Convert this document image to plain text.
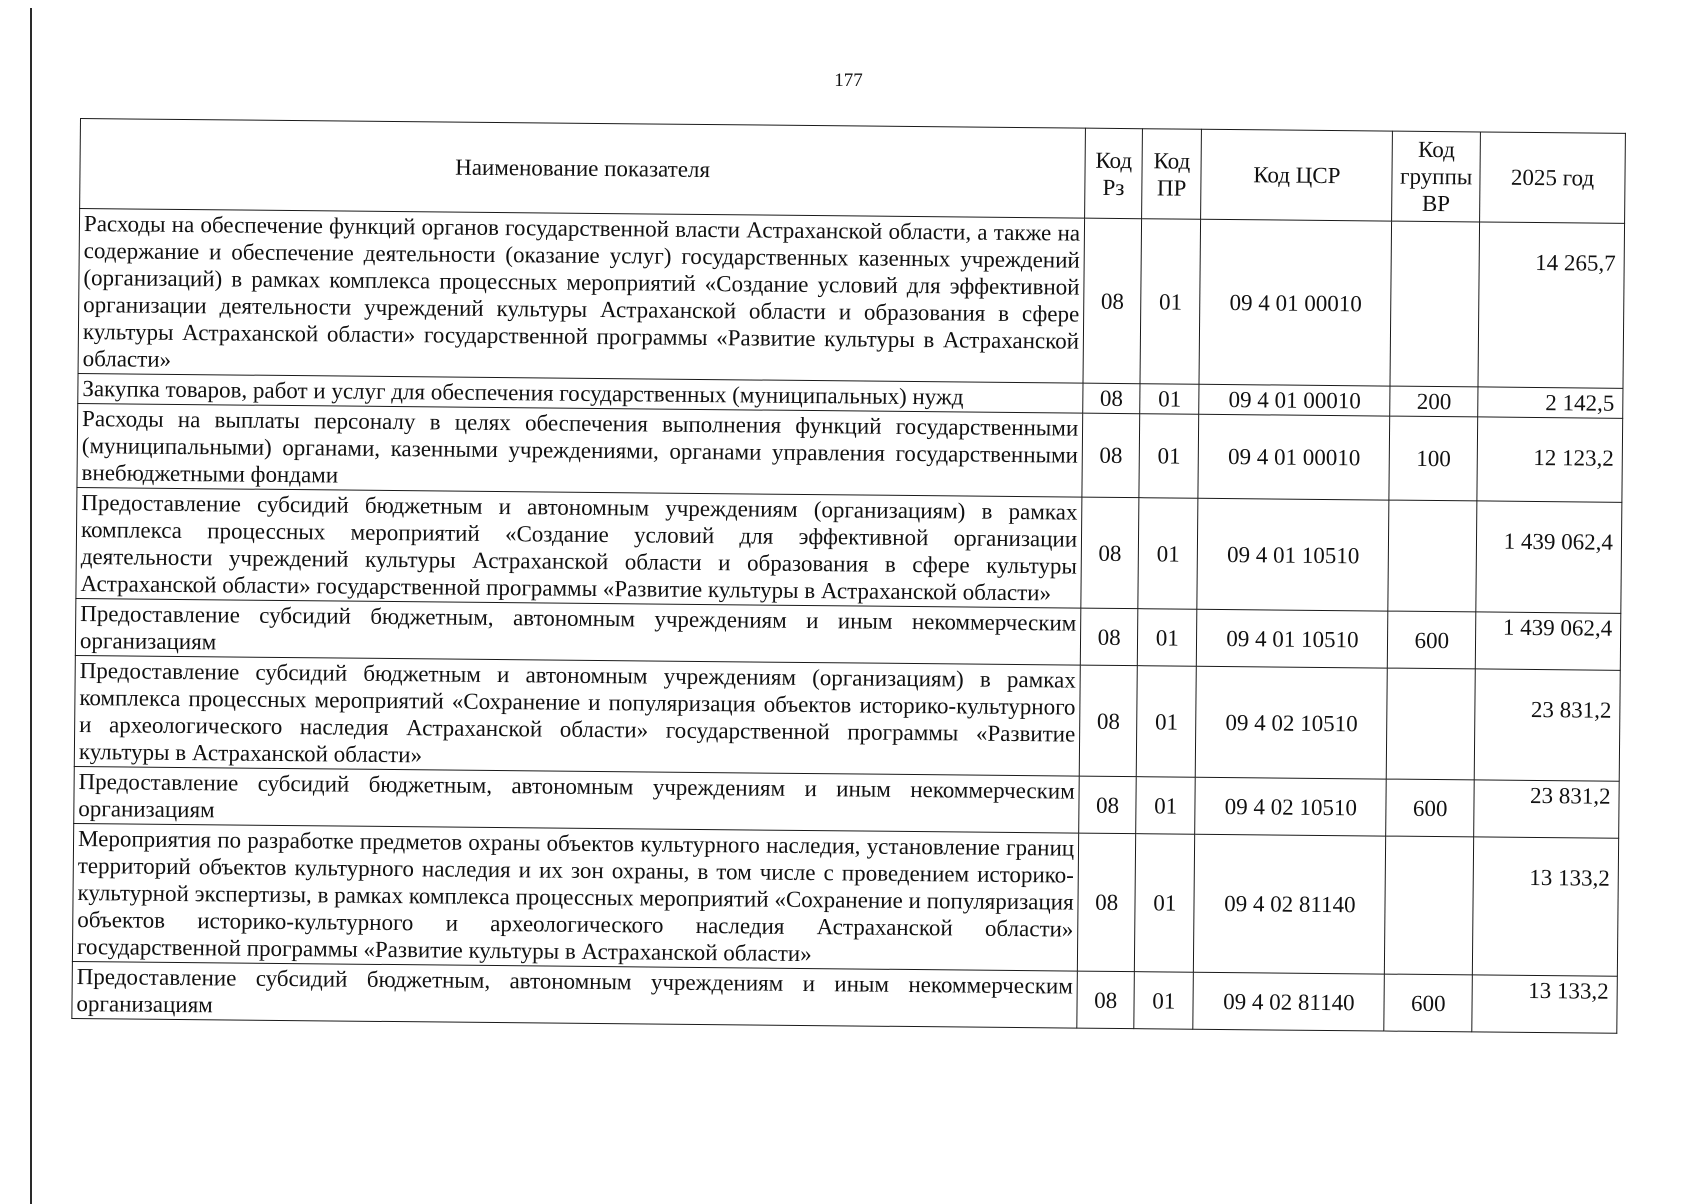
177
Наименование показателя	Код Рз	Код ПР	Код ЦСР	Код группы ВР	2025 год
Расходы на обеспечение функций органов государственной власти Астраханской области, а также на содержание и обеспечение деятельности (оказание услуг) государственных казенных учреждений (организаций) в рамках комплекса процессных мероприятий «Создание условий для эффективной организации деятельности учреждений культуры Астраханской области и образования в сфере культуры Астраханской области» государственной программы «Развитие культуры в Астраханской области»	08	01	09 4 01 00010		14 265,7
Закупка товаров, работ и услуг для обеспечения государственных (муниципальных) нужд	08	01	09 4 01 00010	200	2 142,5
Расходы на выплаты персоналу в целях обеспечения выполнения функций государственными (муниципальными) органами, казенными учреждениями, органами управления государственными внебюджетными фондами	08	01	09 4 01 00010	100	12 123,2
Предоставление субсидий бюджетным и автономным учреждениям (организациям) в рамках комплекса процессных мероприятий «Создание условий для эффективной организации деятельности учреждений культуры Астраханской области и образования в сфере культуры Астраханской области» государственной программы «Развитие культуры в Астраханской области»	08	01	09 4 01 10510		1 439 062,4
Предоставление субсидий бюджетным, автономным учреждениям и иным некоммерческим организациям	08	01	09 4 01 10510	600	1 439 062,4
Предоставление субсидий бюджетным и автономным учреждениям (организациям) в рамках комплекса процессных мероприятий «Сохранение и популяризация объектов историко-культурного и археологического наследия Астраханской области» государственной программы «Развитие культуры в Астраханской области»	08	01	09 4 02 10510		23 831,2
Предоставление субсидий бюджетным, автономным учреждениям и иным некоммерческим организациям	08	01	09 4 02 10510	600	23 831,2
Мероприятия по разработке предметов охраны объектов культурного наследия, установление границ территорий объектов культурного наследия и их зон охраны, в том числе с проведением историко-культурной экспертизы, в рамках комплекса процессных мероприятий «Сохранение и популяризация объектов историко-культурного и археологического наследия Астраханской области» государственной программы «Развитие культуры в Астраханской области»	08	01	09 4 02 81140		13 133,2
Предоставление субсидий бюджетным, автономным учреждениям и иным некоммерческим организациям	08	01	09 4 02 81140	600	13 133,2
